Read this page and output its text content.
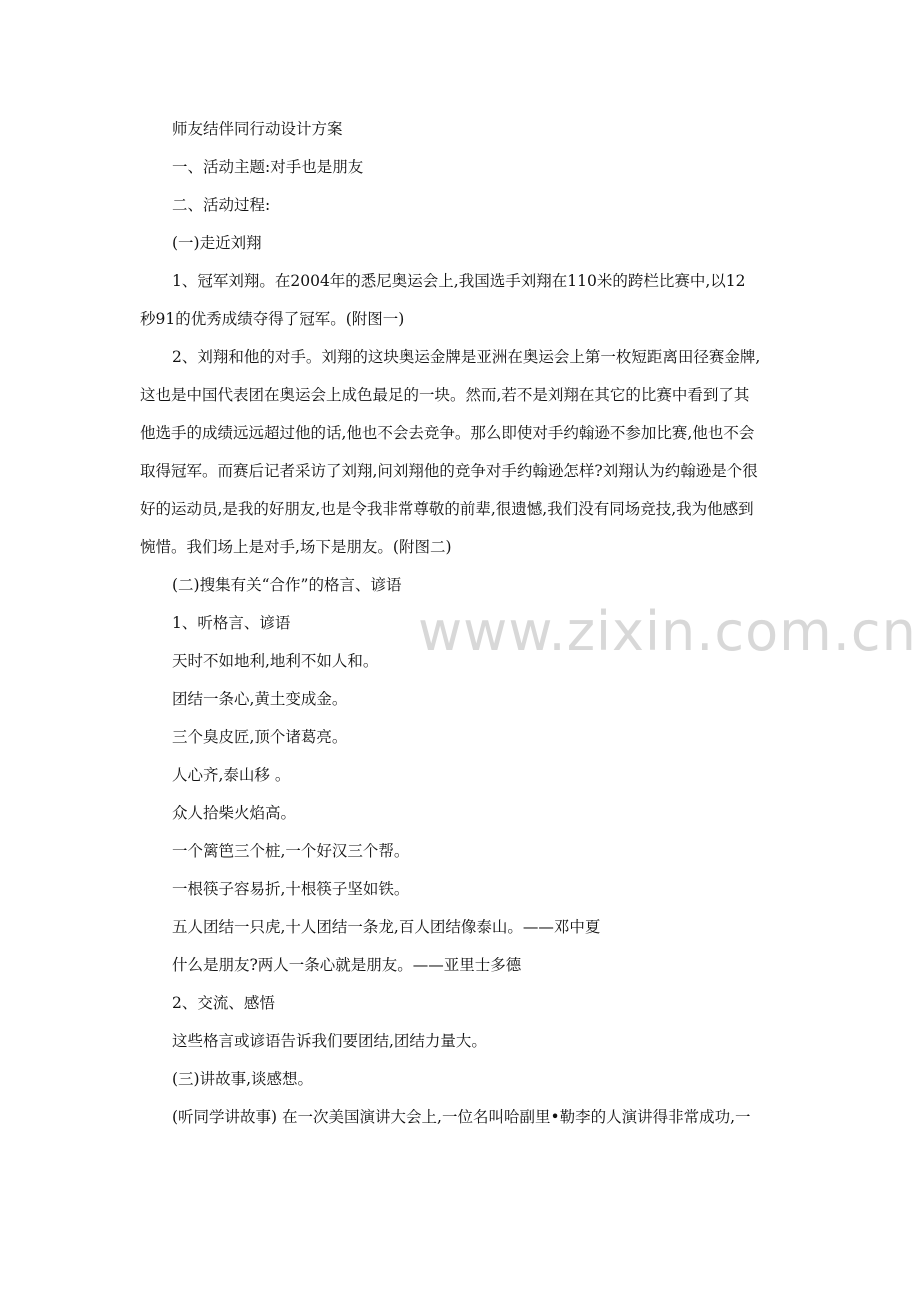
师友结伴同行动设计方案
一、活动主题:对手也是朋友
二、活动过程:
(一)走近刘翔
1、冠军刘翔。在2004年的悉尼奥运会上,我国选手刘翔在110米的跨栏比赛中,以12
秒91的优秀成绩夺得了冠军。(附图一)
2、刘翔和他的对手。刘翔的这块奥运金牌是亚洲在奥运会上第一枚短距离田径赛金牌,
这也是中国代表团在奥运会上成色最足的一块。然而,若不是刘翔在其它的比赛中看到了其
他选手的成绩远远超过他的话,他也不会去竞争。那么即使对手约翰逊不参加比赛,他也不会
取得冠军。而赛后记者采访了刘翔,问刘翔他的竞争对手约翰逊怎样?刘翔认为约翰逊是个很
好的运动员,是我的好朋友,也是令我非常尊敬的前辈,很遗憾,我们没有同场竞技,我为他感到
惋惜。我们场上是对手,场下是朋友。(附图二)
(二)搜集有关“合作”的格言、谚语
1、听格言、谚语
天时不如地利,地利不如人和。
团结一条心,黄土变成金。
三个臭皮匠,顶个诸葛亮。
人心齐,泰山移 。
众人拾柴火焰高。
一个篱笆三个桩,一个好汉三个帮。
一根筷子容易折,十根筷子坚如铁。
五人团结一只虎,十人团结一条龙,百人团结像泰山。——邓中夏
什么是朋友?两人一条心就是朋友。——亚里士多德
2、交流、感悟
这些格言或谚语告诉我们要团结,团结力量大。
(三)讲故事,谈感想。
(听同学讲故事) 在一次美国演讲大会上,一位名叫哈副里•勒李的人演讲得非常成功,一
www.zixin.com.cn
